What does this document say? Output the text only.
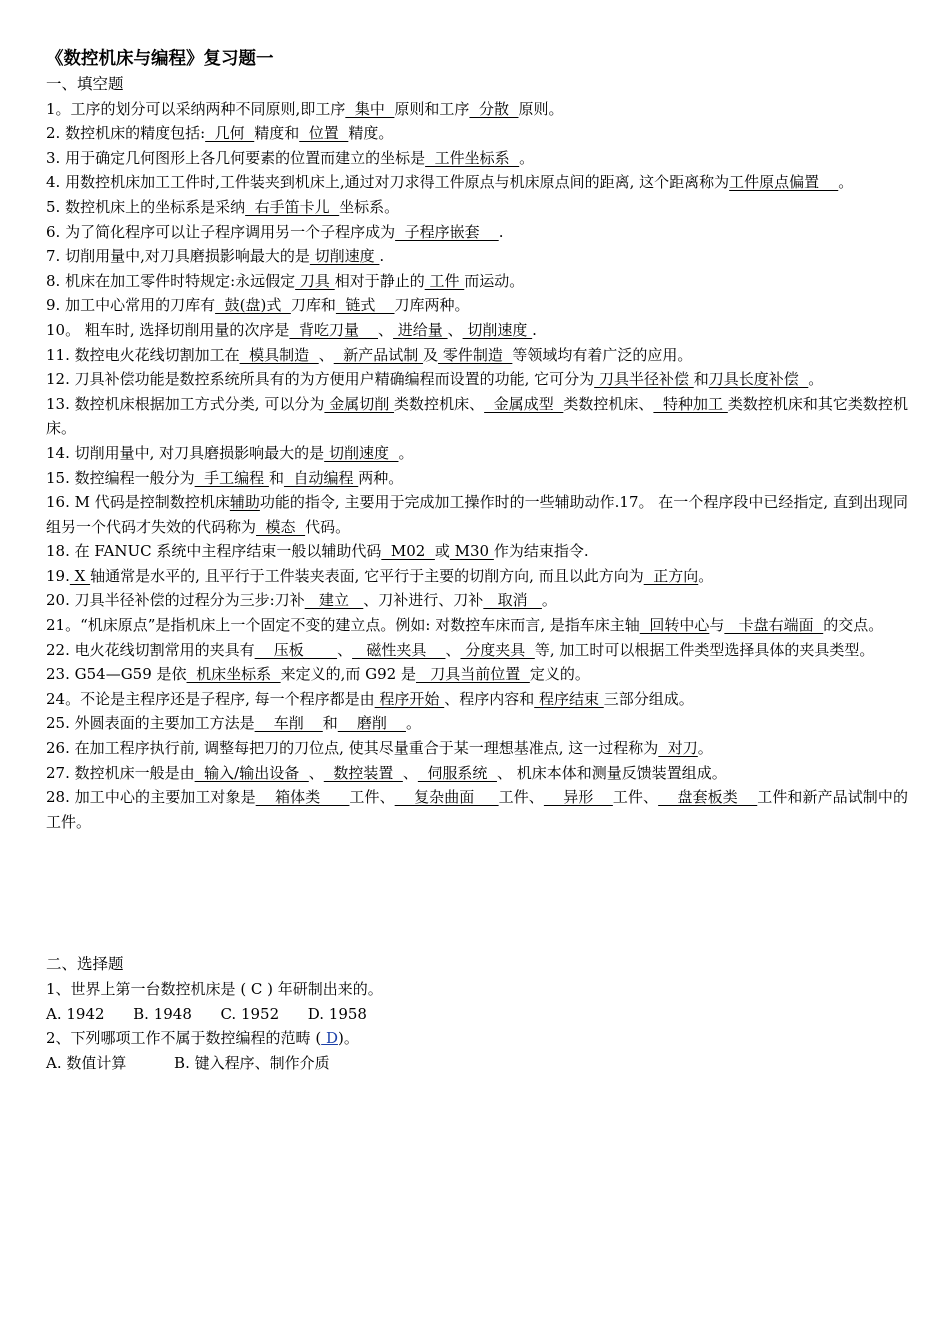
《数控机床与编程》复习题一
一、填空题
1。工序的划分可以采纳两种不同原则,即工序  集中  原则和工序  分散  原则。
2. 数控机床的精度包括:  几何  精度和  位置  精度。
3. 用于确定几何图形上各几何要素的位置而建立的坐标是  工件坐标系  。
4. 用数控机床加工工件时,工件装夹到机床上,通过对刀求得工件原点与机床原点间的距离, 这个距离称为工件原点偏置    。
5. 数控机床上的坐标系是采纳  右手笛卡儿  坐标系。
6. 为了简化程序可以让子程序调用另一个子程序成为  子程序嵌套    .
7. 切削用量中,对刀具磨损影响最大的是 切削速度 .
8. 机床在加工零件时特规定:永远假定 刀具 相对于静止的 工件 而运动。
9. 加工中心常用的刀库有  鼓(盘)式  刀库和  链式    刀库两种。
10。 粗车时, 选择切削用量的次序是  背吃刀量    、 进给量 、 切削速度 .
11. 数控电火花线切割加工在  模具制造  、  新产品试制 及 零件制造  等领域均有着广泛的应用。
12. 刀具补偿功能是数控系统所具有的为方便用户精确编程而设置的功能, 它可分为 刀具半径补偿 和刀具长度补偿  。
13. 数控机床根据加工方式分类, 可以分为 金属切削 类数控机床、  金属成型  类数控机床、  特种加工 类数控机床和其它类数控机床。
14. 切削用量中, 对刀具磨损影响最大的是 切削速度  。
15. 数控编程一般分为  手工编程 和  自动编程 两种。
16. M 代码是控制数控机床辅助功能的指令, 主要用于完成加工操作时的一些辅助动作.17。 在一个程序段中已经指定, 直到出现同组另一个代码才失效的代码称为  模态  代码。
18. 在 FANUC 系统中主程序结束一般以辅助代码  M02  或 M30 作为结束指令.
19. X 轴通常是水平的, 且平行于工件装夹表面, 它平行于主要的切削方向, 而且以此方向为  正方向。
20. 刀具半径补偿的过程分为三步:刀补   建立   、刀补进行、刀补   取消   。
21。“机床原点”是指机床上一个固定不变的建立点。例如: 对数控车床而言, 是指车床主轴  回转中心与   卡盘右端面  的交点。
22. 电火花线切割常用的夹具有    压板       、   磁性夹具    、 分度夹具  等, 加工时可以根据工件类型选择具体的夹具类型。
23. G54—G59 是依  机床坐标系  来定义的,而 G92 是   刀具当前位置  定义的。
24。不论是主程序还是子程序, 每一个程序都是由 程序开始 、程序内容和 程序结束 三部分组成。
25. 外圆表面的主要加工方法是    车削    和    磨削    。
26. 在加工程序执行前, 调整每把刀的刀位点, 使其尽量重合于某一理想基准点, 这一过程称为  对刀。
27. 数控机床一般是由  输入/输出设备  、  数控装置  、  伺服系统  、 机床本体和测量反馈装置组成。
28. 加工中心的主要加工对象是    箱体类      工件、    复杂曲面     工件、    异形    工件、    盘套板类    工件和新产品试制中的工件。
二、选择题
1、世界上第一台数控机床是 ( C ) 年研制出来的。
A. 1942      B. 1948      C. 1952      D. 1958
2、下列哪项工作不属于数控编程的范畴 ( D)。
A. 数值计算          B. 键入程序、制作介质
